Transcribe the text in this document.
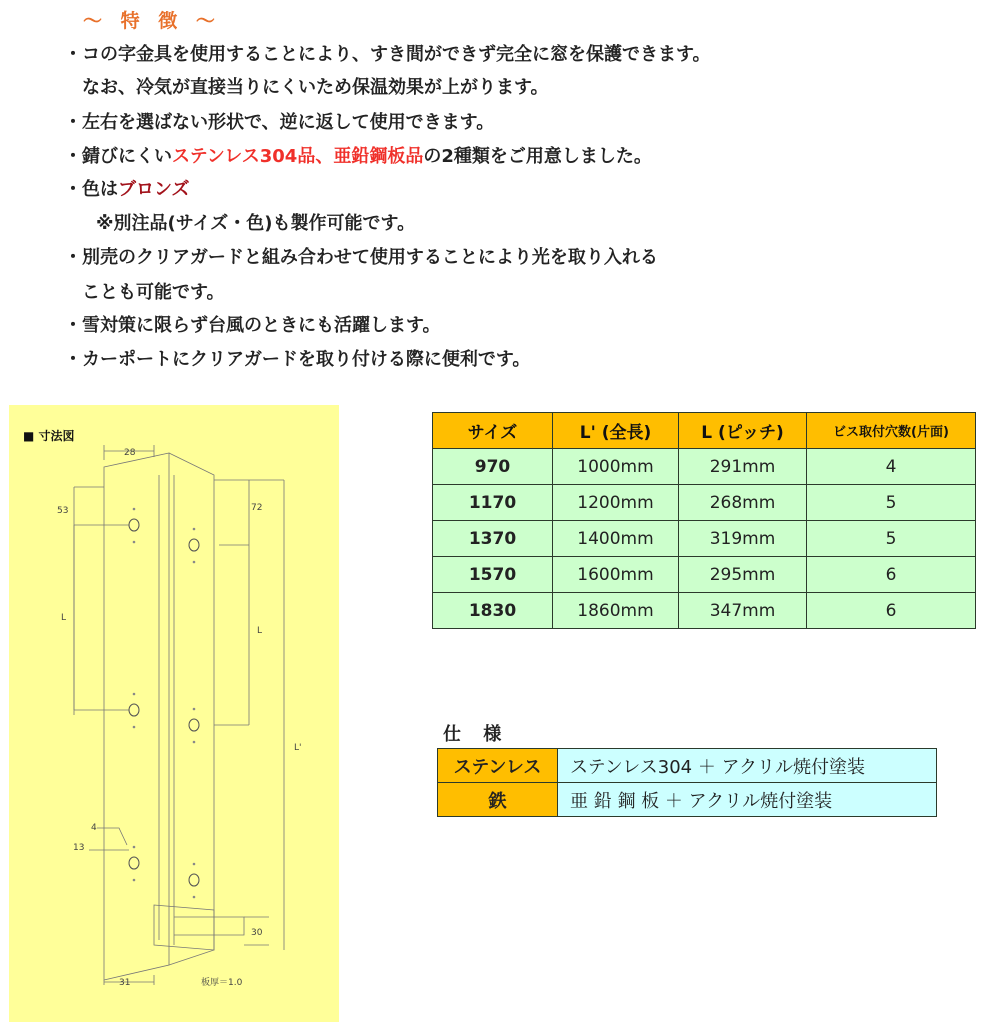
～ 特 徴 ～
・コの字金具を使用することにより、すき間ができず完全に窓を保護できます。
なお、冷気が直接当りにくいため保温効果が上がります。
・左右を選ばない形状で、逆に返して使用できます。
・錆びにくいステンレス304品、亜鉛鋼板品の2種類をご用意しました。
・色はブロンズ
※別注品(サイズ・色)も製作可能です。
・別売のクリアガードと組み合わせて使用することにより光を取り入れる
ことも可能です。
・雪対策に限らず台風のときにも活躍します。
・カーポートにクリアガードを取り付ける際に便利です。
■ 寸法図
28
53	72
L
L
L'
4
13
30
31	板厚＝1.0
サイズ	L' (全長)	L (ピッチ)	ビス取付穴数(片面)
970	1000mm	291mm	4
1170	1200mm	268mm	5
1370	1400mm	319mm	5
1570	1600mm	295mm	6
1830	1860mm	347mm	6
仕 様
ステンレス	ステンレス304 ＋ アクリル焼付塗装
鉄	亜 鉛 鋼 板 ＋ アクリル焼付塗装
